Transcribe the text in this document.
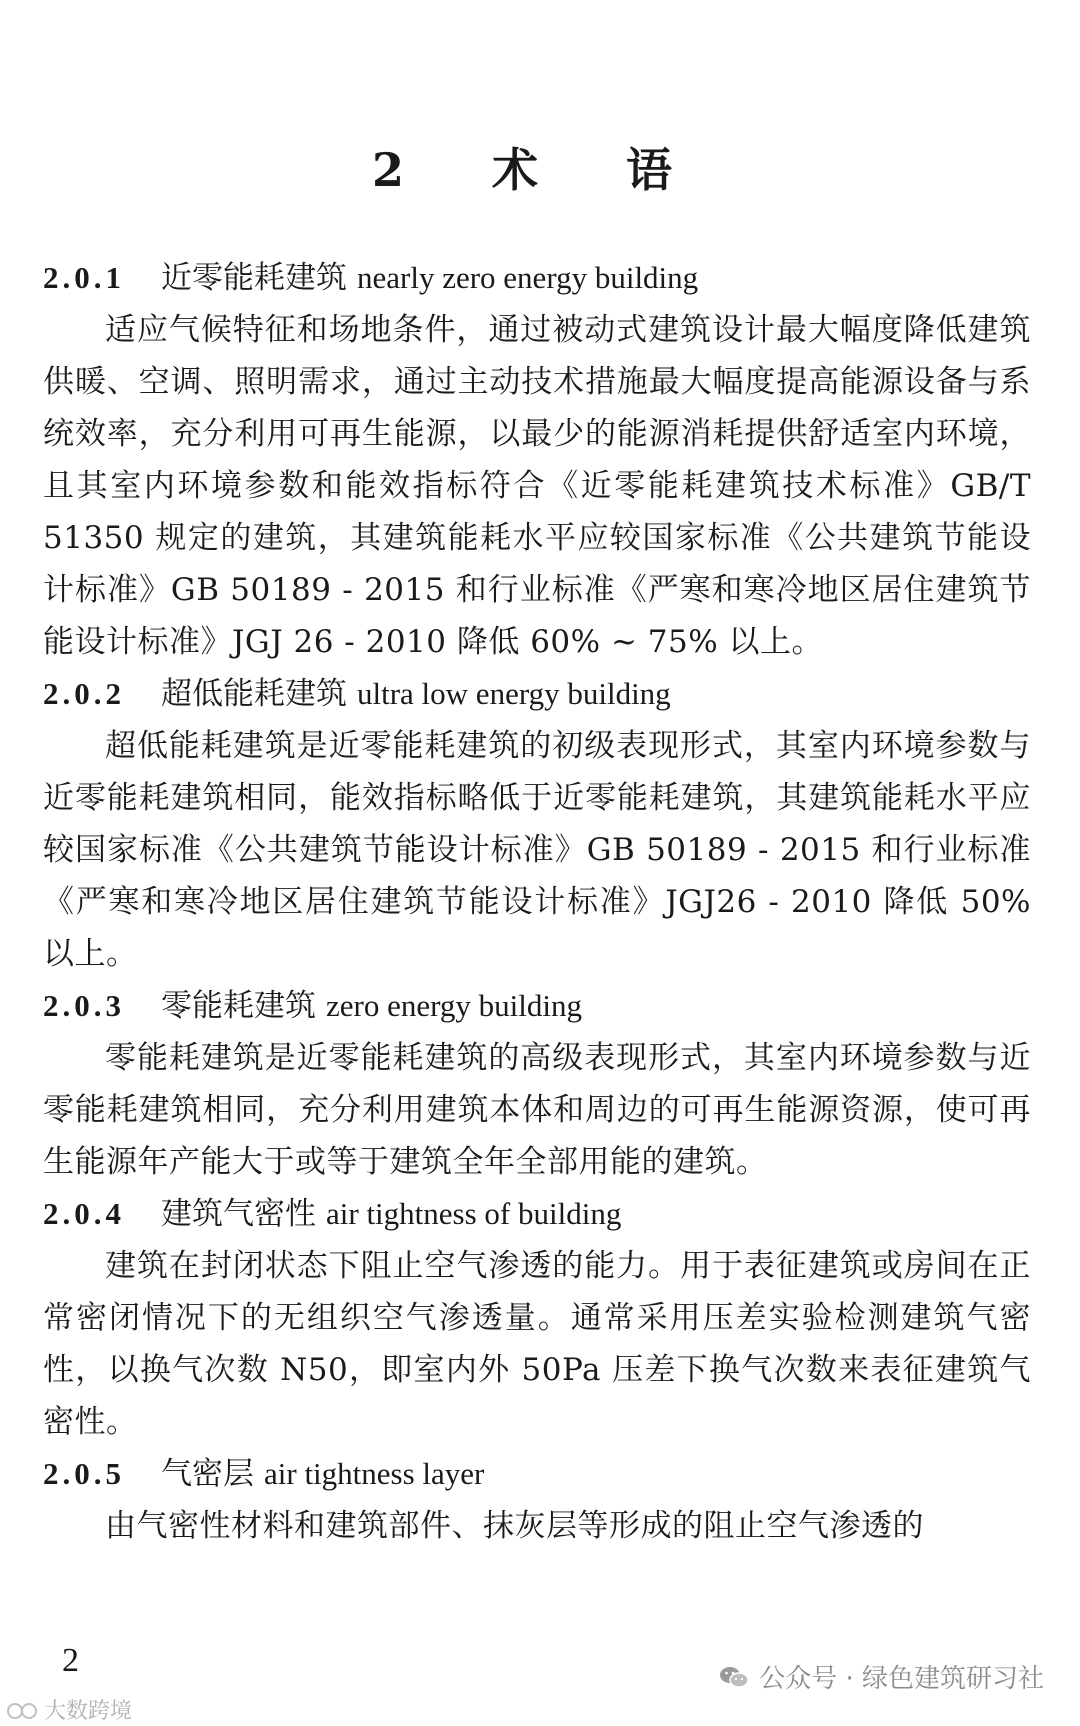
2 术 语
2.0.1 近零能耗建筑 nearly zero energy building

适应气候特征和场地条件，通过被动式建筑设计最大幅度降低建筑供暖、空调、照明需求，通过主动技术措施最大幅度提高能源设备与系统效率，充分利用可再生能源，以最少的能源消耗提供舒适室内环境，且其室内环境参数和能效指标符合《近零能耗建筑技术标准》GB/T 51350 规定的建筑，其建筑能耗水平应较国家标准《公共建筑节能设计标准》GB 50189 - 2015 和行业标准《严寒和寒冷地区居住建筑节能设计标准》JGJ 26 - 2010 降低 60% ~ 75% 以上。

2.0.2 超低能耗建筑 ultra low energy building

超低能耗建筑是近零能耗建筑的初级表现形式，其室内环境参数与近零能耗建筑相同，能效指标略低于近零能耗建筑，其建筑能耗水平应较国家标准《公共建筑节能设计标准》GB 50189 - 2015 和行业标准《严寒和寒冷地区居住建筑节能设计标准》JGJ26 - 2010 降低 50% 以上。

2.0.3 零能耗建筑 zero energy building

零能耗建筑是近零能耗建筑的高级表现形式，其室内环境参数与近零能耗建筑相同，充分利用建筑本体和周边的可再生能源资源，使可再生能源年产能大于或等于建筑全年全部用能的建筑。

2.0.4 建筑气密性 air tightness of building

建筑在封闭状态下阻止空气渗透的能力。用于表征建筑或房间在正常密闭情况下的无组织空气渗透量。通常采用压差实验检测建筑气密性，以换气次数 N50，即室内外 50Pa 压差下换气次数来表征建筑气密性。

2.0.5 气密层 air tightness layer

由气密性材料和建筑部件、抹灰层等形成的阻止空气渗透的

2	公众号 · 绿色建筑研习社
大数跨境
